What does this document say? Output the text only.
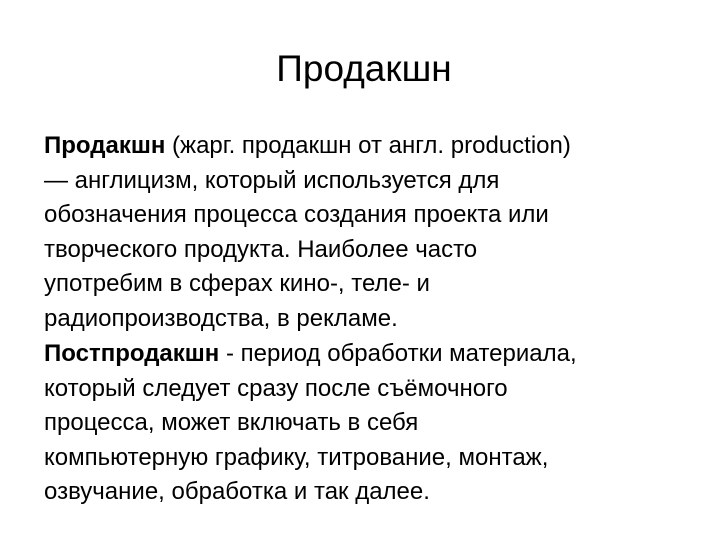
Продакшн

Продакшн (жарг. продакшн от англ. production)
— англицизм, который используется для
обозначения процесса создания проекта или
творческого продукта. Наиболее часто
употребим в сферах кино-, теле- и
радиопроизводства, в рекламе.

Постпродакшн - период обработки материала,
который следует сразу после съёмочного
процесса, может включать в себя
компьютерную графику, титрование, монтаж,
озвучание, обработка и так далее.
